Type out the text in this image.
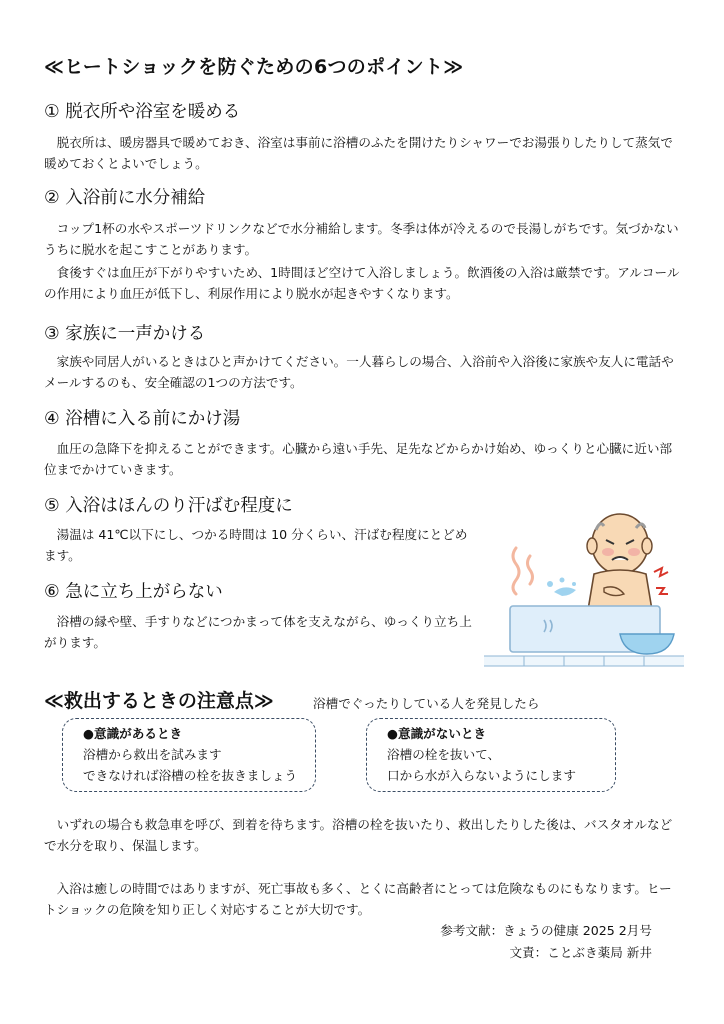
≪ヒートショックを防ぐための6つのポイント≫
① 脱衣所や浴室を暖める

脱衣所は、暖房器具で暖めておき、浴室は事前に浴槽のふたを開けたりシャワーでお湯張りしたりして蒸気で暖めておくとよいでしょう。

② 入浴前に水分補給

コップ1杯の水やスポーツドリンクなどで水分補給します。冬季は体が冷えるので長湯しがちです。気づかないうちに脱水を起こすことがあります。

食後すぐは血圧が下がりやすいため、1時間ほど空けて入浴しましょう。飲酒後の入浴は厳禁です。アルコールの作用により血圧が低下し、利尿作用により脱水が起きやすくなります。

③ 家族に一声かける

家族や同居人がいるときはひと声かけてください。一人暮らしの場合、入浴前や入浴後に家族や友人に電話やメールするのも、安全確認の1つの方法です。

④ 浴槽に入る前にかけ湯

血圧の急降下を抑えることができます。心臓から遠い手先、足先などからかけ始め、ゆっくりと心臓に近い部位までかけていきます。

⑤ 入浴はほんのり汗ばむ程度に

湯温は 41℃以下にし、つかる時間は 10 分くらい、汗ばむ程度にとどめます。

⑥ 急に立ち上がらない

浴槽の縁や壁、手すりなどにつかまって体を支えながら、ゆっくり立ち上がります。

≪救出するときの注意点≫	浴槽でぐったりしている人を発見したら
●意識があるとき
浴槽から救出を試みます
できなければ浴槽の栓を抜きましょう
●意識がないとき
浴槽の栓を抜いて、
口から水が入らないようにします

いずれの場合も救急車を呼び、到着を待ちます。浴槽の栓を抜いたり、救出したりした後は、バスタオルなどで水分を取り、保温します。

入浴は癒しの時間ではありますが、死亡事故も多く、とくに高齢者にとっては危険なものにもなります。ヒートショックの危険を知り正しく対応することが大切です。

参考文献：きょうの健康 2025 2月号
文責：ことぶき薬局 新井
